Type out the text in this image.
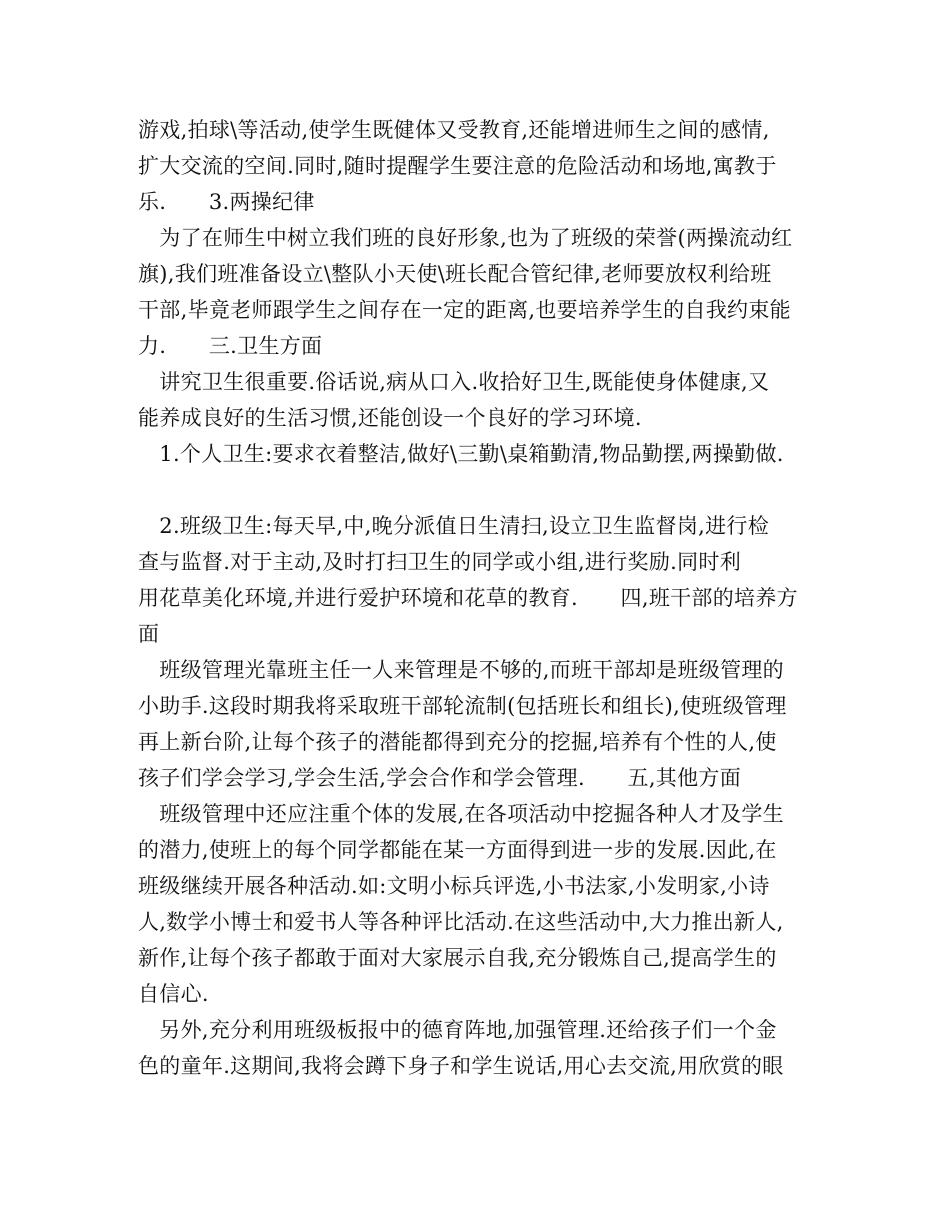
游戏,拍球\等活动,使学生既健体又受教育,还能增进师生之间的感情,
扩大交流的空间.同时,随时提醒学生要注意的危险活动和场地,寓教于
乐.　　3.两操纪律
　为了在师生中树立我们班的良好形象,也为了班级的荣誉(两操流动红
旗),我们班准备设立\整队小天使\班长配合管纪律,老师要放权利给班
干部,毕竟老师跟学生之间存在一定的距离,也要培养学生的自我约束能
力.　　三.卫生方面
　讲究卫生很重要.俗话说,病从口入.收拾好卫生,既能使身体健康,又
能养成良好的生活习惯,还能创设一个良好的学习环境.
　1.个人卫生:要求衣着整洁,做好\三勤\桌箱勤清,物品勤摆,两操勤做.
　2.班级卫生:每天早,中,晚分派值日生清扫,设立卫生监督岗,进行检
查与监督.对于主动,及时打扫卫生的同学或小组,进行奖励.同时利
用花草美化环境,并进行爱护环境和花草的教育.　　四,班干部的培养方
面
　班级管理光靠班主任一人来管理是不够的,而班干部却是班级管理的
小助手.这段时期我将采取班干部轮流制(包括班长和组长),使班级管理
再上新台阶,让每个孩子的潜能都得到充分的挖掘,培养有个性的人,使
孩子们学会学习,学会生活,学会合作和学会管理.　　五,其他方面
　班级管理中还应注重个体的发展,在各项活动中挖掘各种人才及学生
的潜力,使班上的每个同学都能在某一方面得到进一步的发展.因此,在
班级继续开展各种活动.如:文明小标兵评选,小书法家,小发明家,小诗
人,数学小博士和爱书人等各种评比活动.在这些活动中,大力推出新人,
新作,让每个孩子都敢于面对大家展示自我,充分锻炼自己,提高学生的
自信心.
　另外,充分利用班级板报中的德育阵地,加强管理.还给孩子们一个金
色的童年.这期间,我将会蹲下身子和学生说话,用心去交流,用欣赏的眼
